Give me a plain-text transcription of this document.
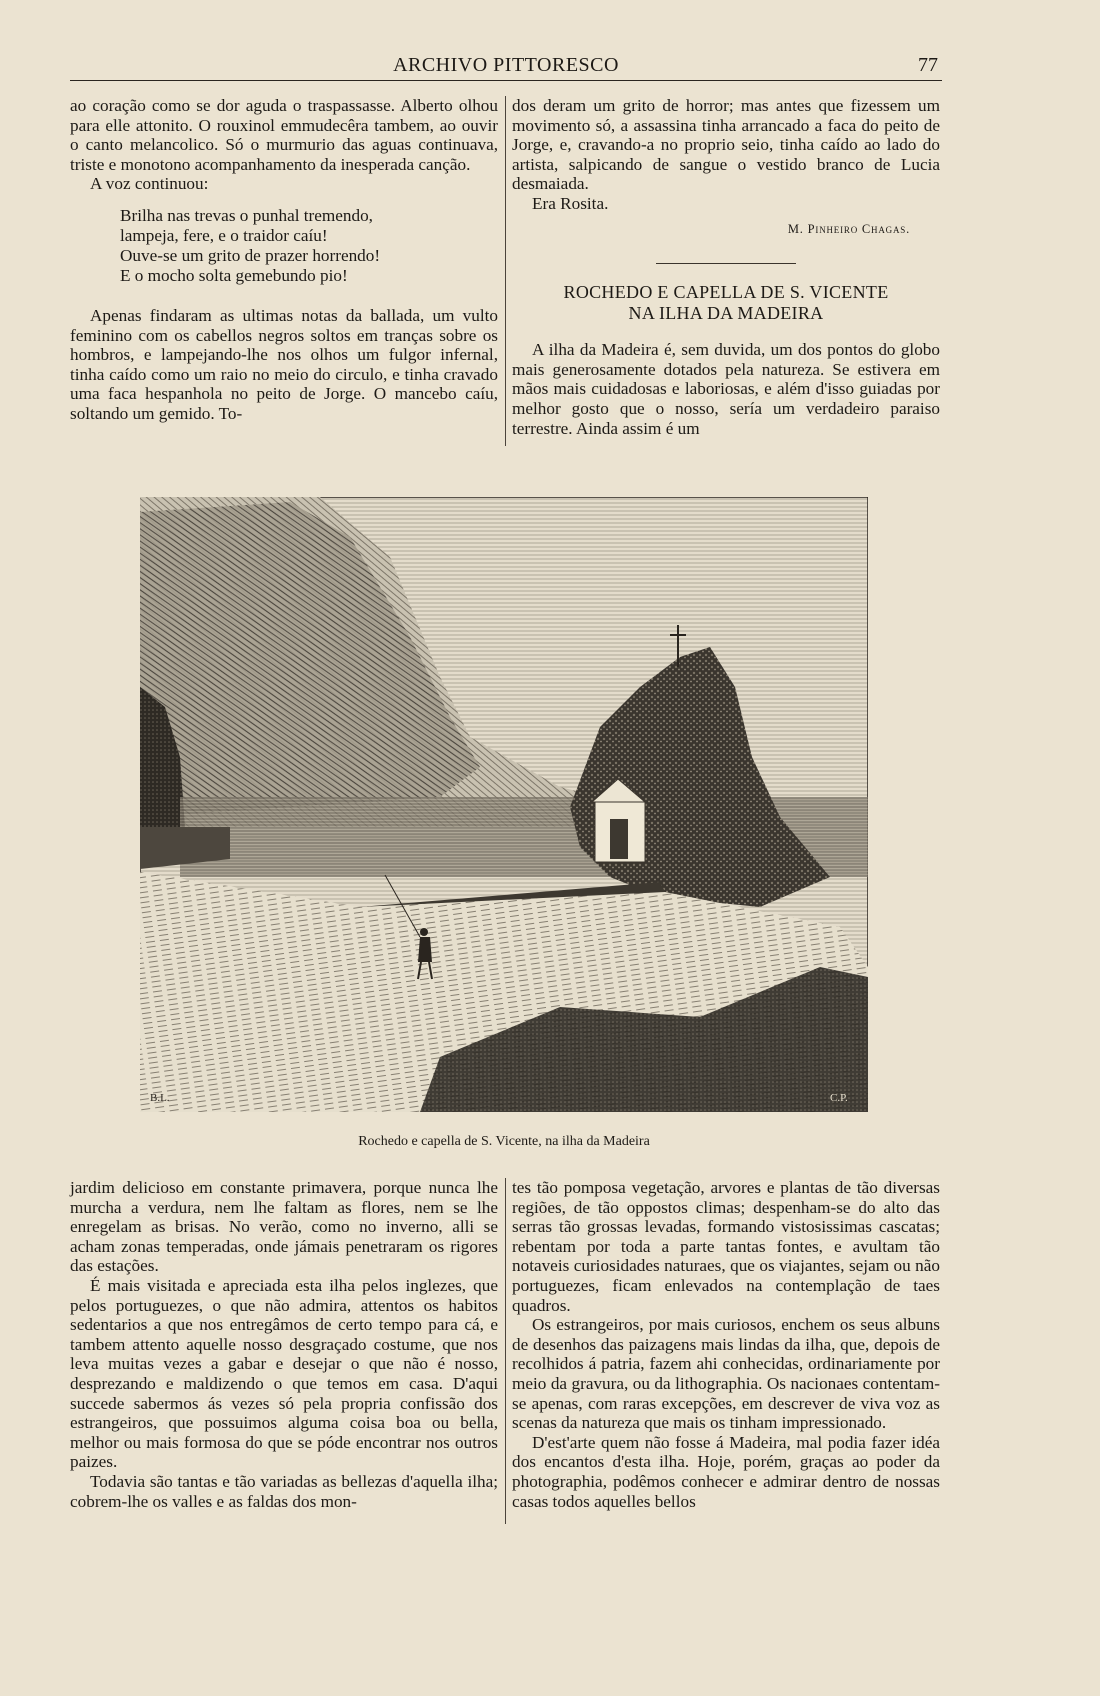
ARCHIVO PITTORESCO	77

ao coração como se dor aguda o traspassasse. Alberto olhou para elle attonito. O rouxinol emmudecêra tambem, ao ouvir o canto melancolico. Só o murmurio das aguas continuava, triste e monotono acompanhamento da inesperada canção.

A voz continuou:

Brilha nas trevas o punhal tremendo,
lampeja, fere, e o traidor caíu!
Ouve-se um grito de prazer horrendo!
E o mocho solta gemebundo pio!

Apenas findaram as ultimas notas da ballada, um vulto feminino com os cabellos negros soltos em tranças sobre os hombros, e lampejando-lhe nos olhos um fulgor infernal, tinha caído como um raio no meio do circulo, e tinha cravado uma faca hespanhola no peito de Jorge. O mancebo caíu, soltando um gemido. To-

dos deram um grito de horror; mas antes que fizessem um movimento só, a assassina tinha arrancado a faca do peito de Jorge, e, cravando-a no proprio seio, tinha caído ao lado do artista, salpicando de sangue o vestido branco de Lucia desmaiada.

Era Rosita.

M. Pinheiro Chagas.
ROCHEDO E CAPELLA DE S. VICENTE
NA ILHA DA MADEIRA

A ilha da Madeira é, sem duvida, um dos pontos do globo mais generosamente dotados pela natureza. Se estivera em mãos mais cuidadosas e laboriosas, e além d'isso guiadas por melhor gosto que o nosso, sería um verdadeiro paraiso terrestre. Ainda assim é um

B.L.	C.P.
Rochedo e capella de S. Vicente, na ilha da Madeira

jardim delicioso em constante primavera, porque nunca lhe murcha a verdura, nem lhe faltam as flores, nem se lhe enregelam as brisas. No verão, como no inverno, alli se acham zonas temperadas, onde jámais penetraram os rigores das estações.

É mais visitada e apreciada esta ilha pelos inglezes, que pelos portuguezes, o que não admira, attentos os habitos sedentarios a que nos entregâmos de certo tempo para cá, e tambem attento aquelle nosso desgraçado costume, que nos leva muitas vezes a gabar e desejar o que não é nosso, desprezando e maldizendo o que temos em casa. D'aqui succede sabermos ás vezes só pela propria confissão dos estrangeiros, que possuimos alguma coisa boa ou bella, melhor ou mais formosa do que se póde encontrar nos outros paizes.

Todavia são tantas e tão variadas as bellezas d'aquella ilha; cobrem-lhe os valles e as faldas dos mon-

tes tão pomposa vegetação, arvores e plantas de tão diversas regiões, de tão oppostos climas; despenham-se do alto das serras tão grossas levadas, formando vistosissimas cascatas; rebentam por toda a parte tantas fontes, e avultam tão notaveis curiosidades naturaes, que os viajantes, sejam ou não portuguezes, ficam enlevados na contemplação de taes quadros.

Os estrangeiros, por mais curiosos, enchem os seus albuns de desenhos das paizagens mais lindas da ilha, que, depois de recolhidos á patria, fazem ahi conhecidas, ordinariamente por meio da gravura, ou da lithographia. Os nacionaes contentam-se apenas, com raras excepções, em descrever de viva voz as scenas da natureza que mais os tinham impressionado.

D'est'arte quem não fosse á Madeira, mal podia fazer idéa dos encantos d'esta ilha. Hoje, porém, graças ao poder da photographia, podêmos conhecer e admirar dentro de nossas casas todos aquelles bellos
